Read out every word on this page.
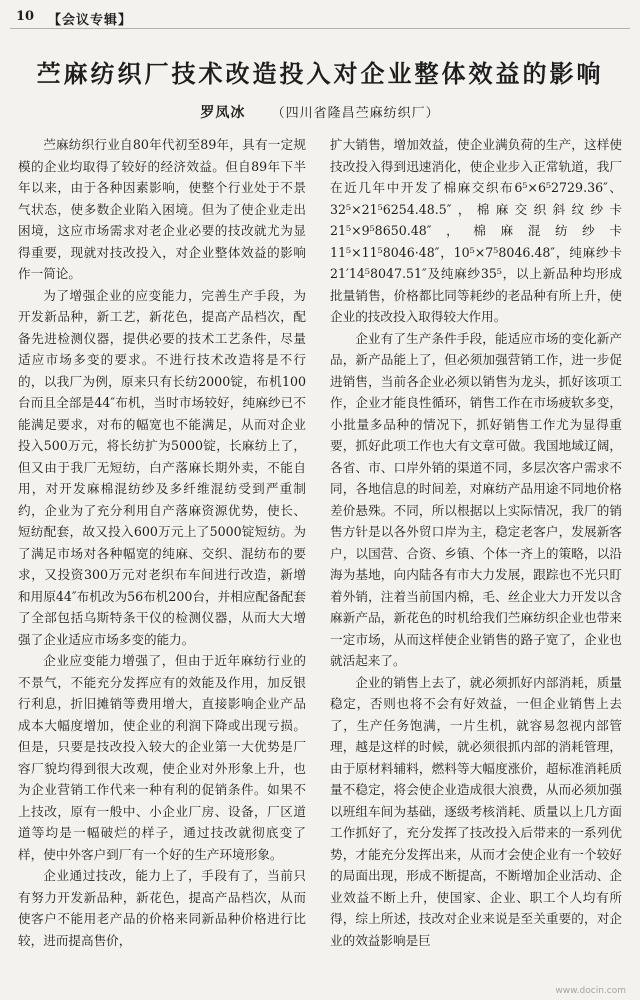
10 【会议专辑】
苎麻纺织厂技术改造投入对企业整体效益的影响
罗凤冰 （四川省隆昌苎麻纺织厂）

苎麻纺织行业自80年代初至89年，具有一定规模的企业均取得了较好的经济效益。但自89年下半年以来，由于各种因素影响，使整个行业处于不景气状态，使多数企业陷入困境。但为了使企业走出困境，这应市场需求对老企业必要的技改就尤为显得重要，现就对技改投入，对企业整体效益的影响作一简论。

为了增强企业的应变能力，完善生产手段，为开发新品种，新工艺，新花色，提高产品档次，配备先进检测仪器，提供必要的技术工艺条件，尽量适应市场多变的要求。不进行技术改造将是不行的，以我厂为例，原来只有长纺2000锭，布机100台而且全部是44″布机，当时市场较好，纯麻纱已不能满足要求，对布的幅宽也不能满足，从而对企业投入500万元，将长纺扩为5000锭，长麻纺上了，但又由于我厂无短纺，白产落麻长期外卖，不能自用，对开发麻棉混纺纱及多纤维混纺受到严重制约，企业为了充分利用自产落麻资源优势，使长、短纺配套，故又投入600万元上了5000锭短纺。为了满足市场对各种幅宽的纯麻、交织、混纺布的要求，又投资300万元对老织布车间进行改造，新增和用原44″布机改为56布机200台，并相应配备配套了全部包括乌斯特条干仪的检测仪器，从而大大增强了企业适应市场多变的能力。

企业应变能力增强了，但由于近年麻纺行业的不景气，不能充分发挥应有的效能及作用，加反银行利息，折旧摊销等费用增大，直接影响企业产品成本大幅度增加，使企业的利润下降或出现亏损。但是，只要是技改投入较大的企业第一大优势是厂容厂貌均得到很大改观，使企业对外形象上升，也为企业营销工作代来一种有利的促销条件。如果不上技改，原有一般中、小企业厂房、设备，厂区道道等均是一幅破烂的样子，通过技改就彻底变了样，使中外客户到厂有一个好的生产环境形象。

企业通过技改，能力上了，手段有了，当前只有努力开发新品种，新花色，提高产品档次，从而使客户不能用老产品的价格来同新品种价格进行比较，进而提高售价，

扩大销售，增加效益，使企业满负荷的生产，这样使技改投入得到迅速消化，使企业步入正常轨道，我厂在近几年中开发了棉麻交织布6⁵×6⁵2729.36″、32⁵×21⁵6254.48.5″，棉麻交织斜纹纱卡21⁵×9⁵8650.48″，棉麻混纺纱卡11⁵×11⁵8046·48″，10⁵×7⁵8046.48″，纯麻纱卡21′14⁵8047.51″及纯麻纱35⁵，以上新品种均形成批量销售，价格都比同等耗纱的老品种有所上升，使企业的技改投入取得较大作用。

企业有了生产条件手段，能适应市场的变化新产品，新产品能上了，但必须加强营销工作，进一步促进销售，当前各企业必须以销售为龙头，抓好该项工作，企业才能良性循环，销售工作在市场疲软多变，小批量多品种的情况下，抓好销售工作尤为显得重要，抓好此项工作也大有文章可做。我国地域辽阔，各省、市、口岸外销的渠道不同，多层次客户需求不同，各地信息的时间差，对麻纺产品用途不同地价格差价悬殊。不同，所以根据以上实际情况，我厂的销售方针是以各外贸口岸为主，稳定老客户，发展新客户，以国营、合资、乡镇、个体一齐上的策略，以沿海为基地，向内陆各有市大力发展，跟踪也不光只盯着外销，注着当前国内棉，毛、丝企业大力开发以含麻新产品，新花色的时机给我们苎麻纺织企业也带来一定市场，从而这样使企业销售的路子宽了，企业也就活起来了。

企业的销售上去了，就必须抓好内部消耗，质量稳定，否则也将不会有好效益，一但企业销售上去了，生产任务饱满，一片生机，就容易忽视内部管理，越是这样的时候，就必须很抓内部的消耗管理，由于原材料辅料，燃料等大幅度涨价，超标准消耗质量不稳定，将会使企业造成很大浪费，从而必须加强以班组车间为基础，逐级考核消耗、质量以上几方面工作抓好了，充分发挥了技改投入后带来的一系列优势，才能充分发挥出来，从而才会使企业有一个较好的局面出现，形成不断提高，不断增加企业活动、企业效益不断上升，使国家、企业、职工个人均有所得，综上所述，技改对企业来说是至关重要的，对企业的效益影响是巨

www.docin.com
